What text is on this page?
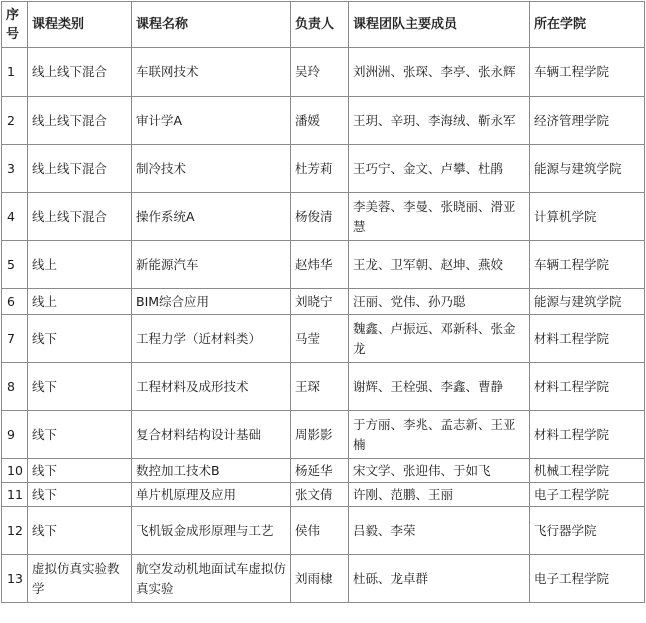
序号	课程类别	课程名称	负责人	课程团队主要成员	所在学院
1	线上线下混合	车联网技术	吴玲	刘洲洲、张琛、李亭、张永辉	车辆工程学院
2	线上线下混合	审计学A	潘媛	王玥、辛玥、李海绒、靳永军	经济管理学院
3	线上线下混合	制冷技术	杜芳莉	王巧宁、金文、卢攀、杜鹃	能源与建筑学院
4	线上线下混合	操作系统A	杨俊清	李美蓉、李曼、张晓丽、滑亚慧	计算机学院
5	线上	新能源汽车	赵炜华	王龙、卫军朝、赵坤、燕姣	车辆工程学院
6	线上	BIM综合应用	刘晓宁	汪丽、党伟、孙乃聪	能源与建筑学院
7	线下	工程力学（近材料类）	马莹	魏鑫、卢振远、邓新科、张金龙	材料工程学院
8	线下	工程材料及成形技术	王琛	谢辉、王栓强、李鑫、曹静	材料工程学院
9	线下	复合材料结构设计基础	周影影	于方丽、李兆、孟志新、王亚楠	材料工程学院
10	线下	数控加工技术B	杨延华	宋文学、张迎伟、于如飞	机械工程学院
11	线下	单片机原理及应用	张文倩	许刚、范鹏、王丽	电子工程学院
12	线下	飞机钣金成形原理与工艺	侯伟	吕毅、李荣	飞行器学院
13	虚拟仿真实验教学	航空发动机地面试车虚拟仿真实验	刘雨棣	杜砾、龙卓群	电子工程学院
